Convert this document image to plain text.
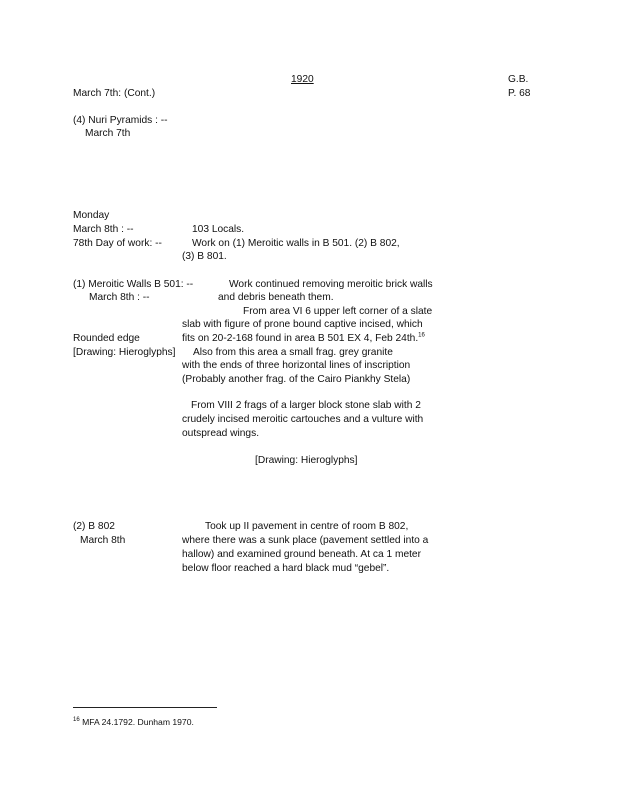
1920	G.B.
March 7th: (Cont.)	P. 68
(4) Nuri Pyramids : --
March 7th
Monday
March 8th : --	103 Locals.
78th Day of work: --	Work on (1) Meroitic walls in B 501. (2) B 802,
(3) B 801.
(1) Meroitic Walls B 501: --	Work continued removing meroitic brick walls
March 8th : --	and debris beneath them.
From area VI 6 upper left corner of a slate
slab with figure of prone bound captive incised, which
Rounded edge	fits on 20-2-168 found in area B 501 EX 4, Feb 24th.$^{16}$
[Drawing: Hieroglyphs] Also from this area a small frag. grey granite
with the ends of three horizontal lines of inscription
(Probably another frag. of the Cairo Piankhy Stela)
From VIII 2 frags of a larger block stone slab with 2
crudely incised meroitic cartouches and a vulture with
outspread wings.
[Drawing: Hieroglyphs]
(2) B 802	Took up II pavement in centre of room B 802,
March 8th	where there was a sunk place (pavement settled into a
hallow) and examined ground beneath. At ca 1 meter
below floor reached a hard black mud “gebel”.
$^{16}$ MFA 24.1792. Dunham 1970.
